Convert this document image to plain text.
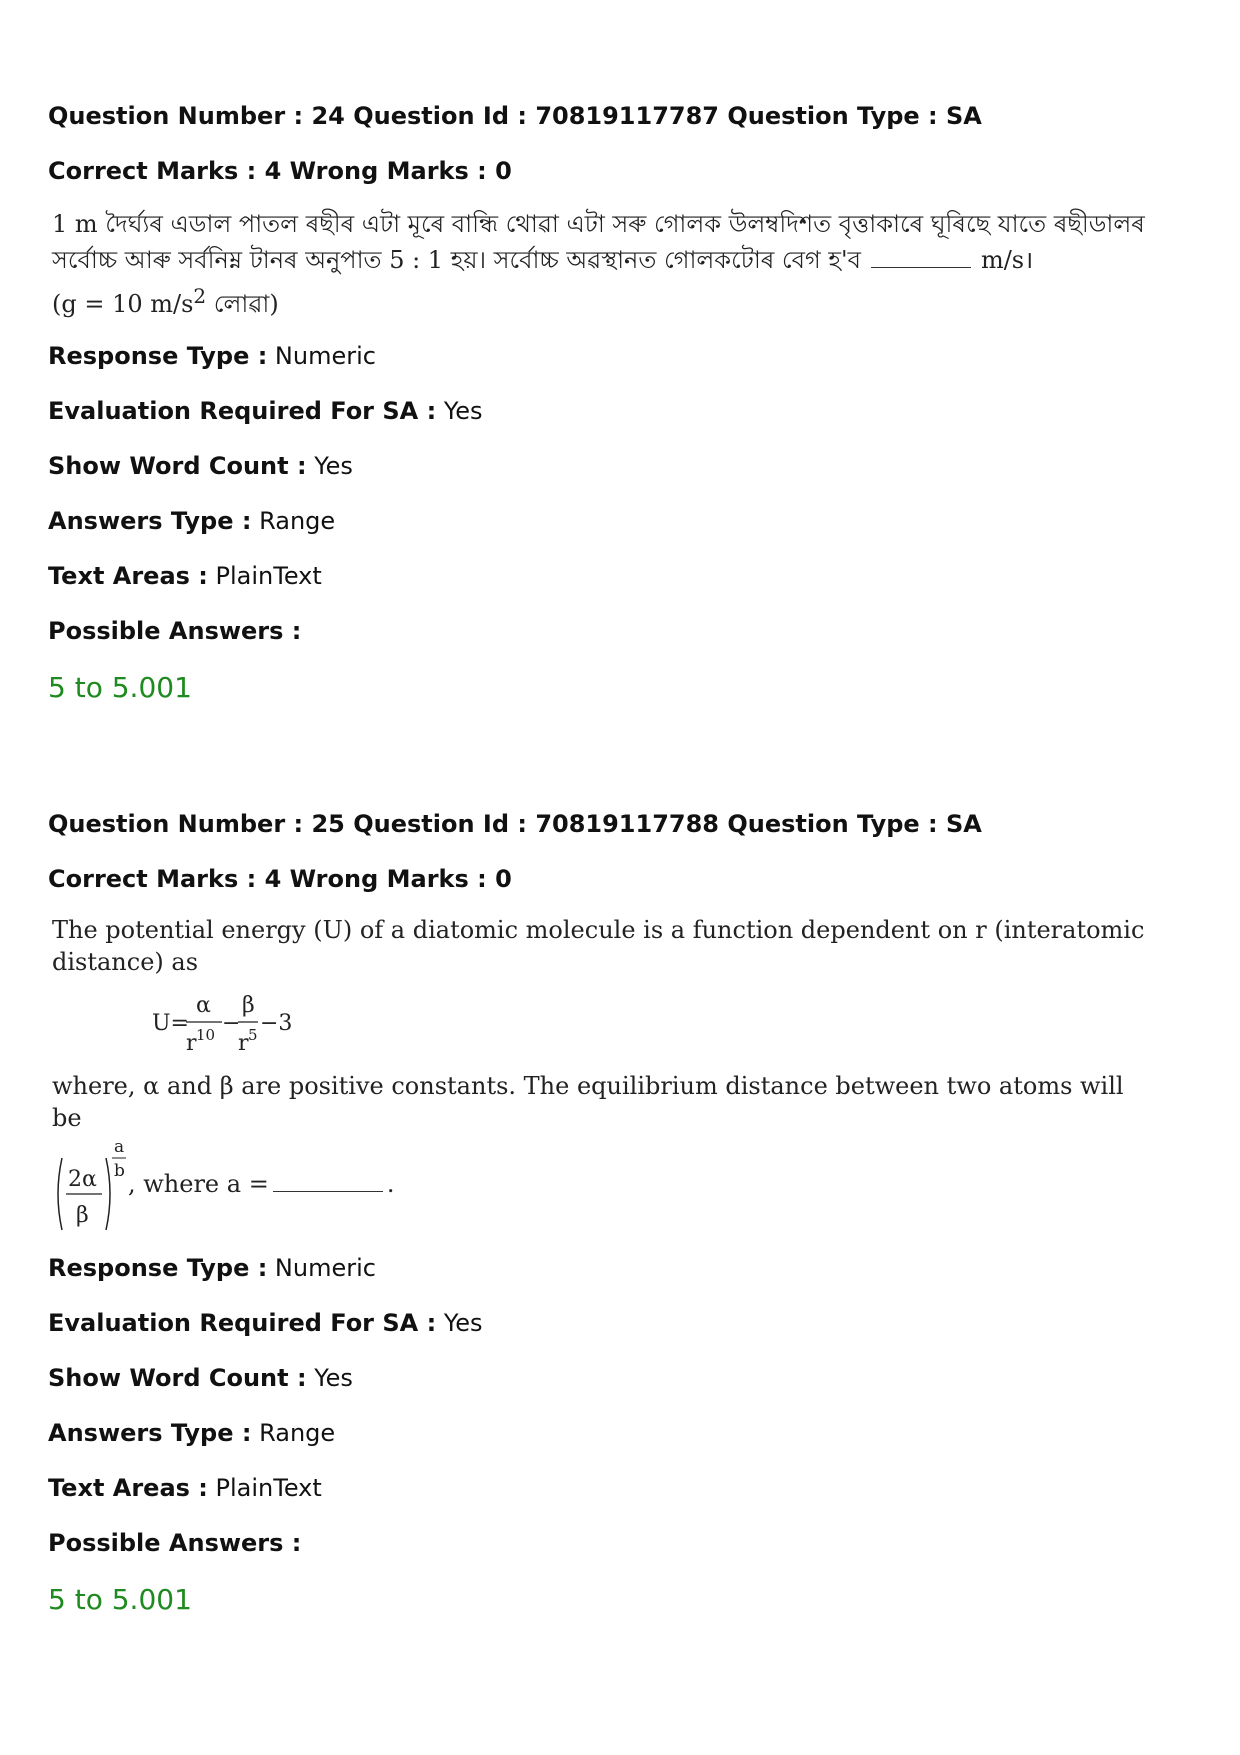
Question Number : 24 Question Id : 70819117787 Question Type : SA
Correct Marks : 4 Wrong Marks : 0

1 m দৈৰ্ঘ্যৰ এডাল পাতল ৰছীৰ এটা মূৰে বান্ধি থোৱা এটা সৰু গোলক উলম্বদিশত বৃত্তাকাৰে ঘূৰিছে যাতে ৰছীডালৰ

সৰ্বোচ্চ আৰু সৰ্বনিম্ন টানৰ অনুপাত 5 : 1 হয়। সৰ্বোচ্চ অৱস্থানত গোলকটোৰ বেগ হ'ব	m/s।

(g = 10 $m/s^2$ লোৱা)

Response Type : Numeric
Evaluation Required For SA : Yes
Show Word Count : Yes
Answers Type : Range
Text Areas : PlainText
Possible Answers :
5 to 5.001
Question Number : 25 Question Id : 70819117788 Question Type : SA
Correct Marks : 4 Wrong Marks : 0

The potential energy (U) of a diatomic molecule is a function dependent on r (interatomic

distance) as

U=
α
r 10 −
β
r 5 −3

where, α and β are positive constants. The equilibrium distance between two atoms will be

2α
β
a
b , where a =	.
Response Type : Numeric
Evaluation Required For SA : Yes
Show Word Count : Yes
Answers Type : Range
Text Areas : PlainText
Possible Answers :
5 to 5.001
